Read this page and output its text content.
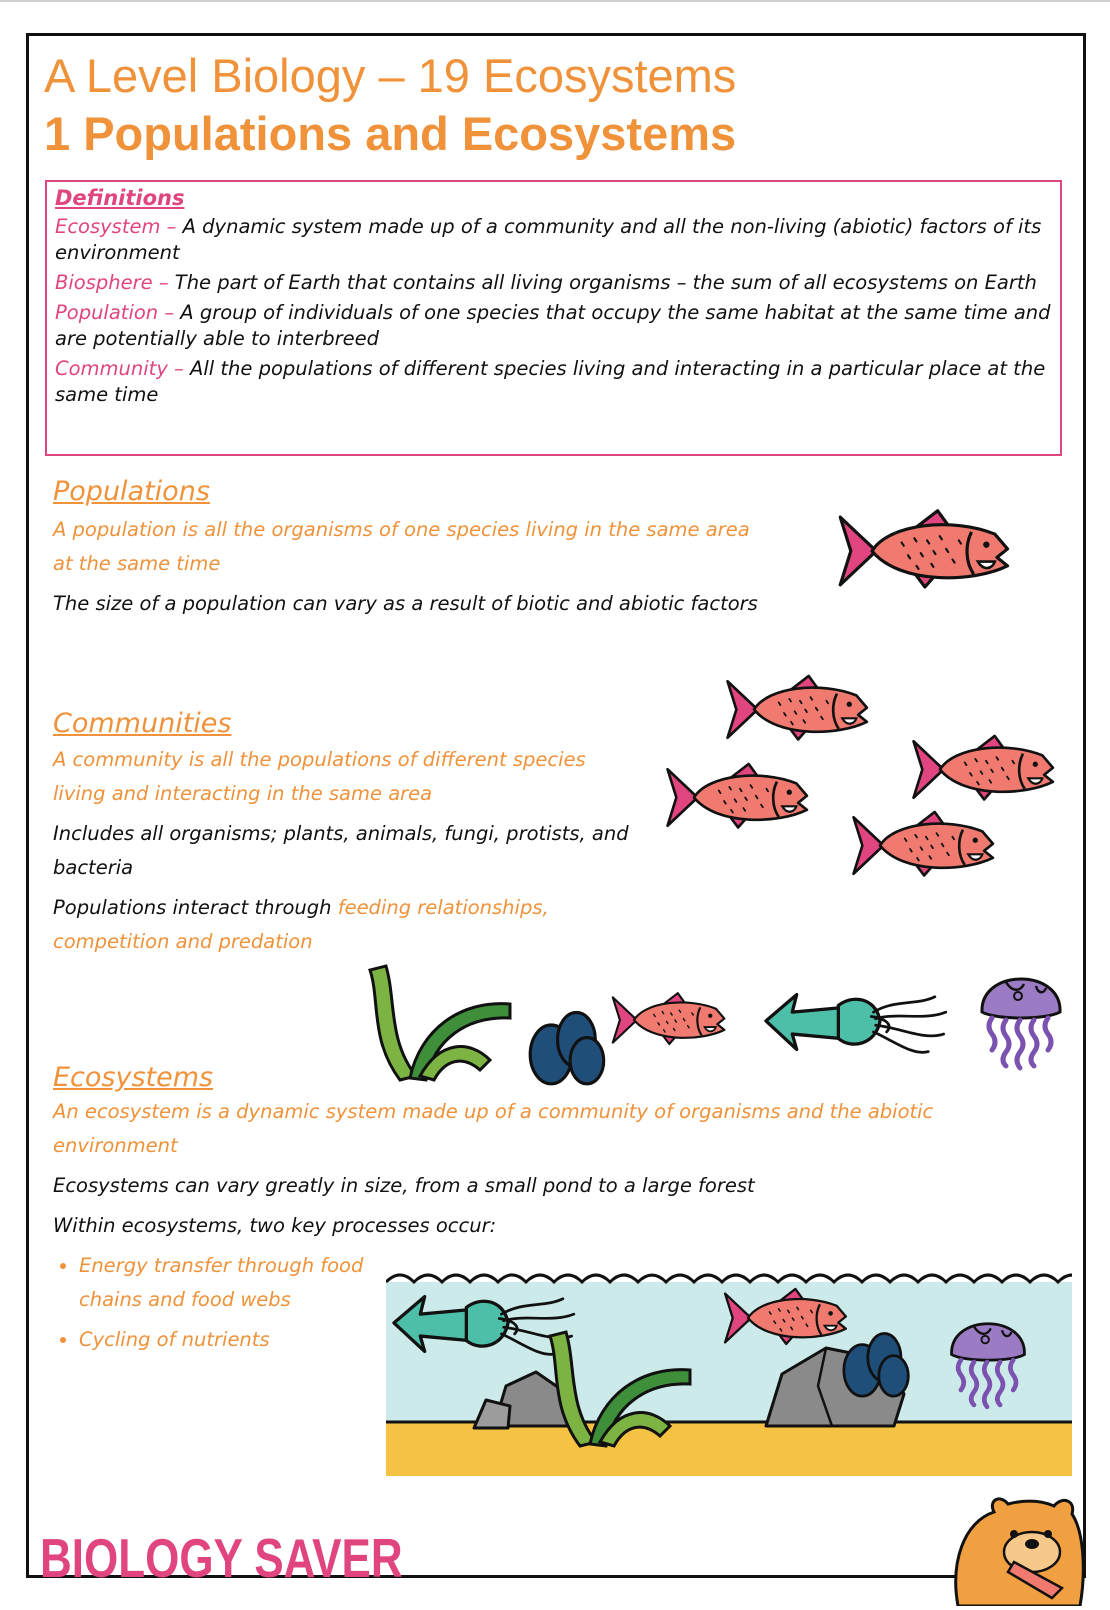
A Level Biology – 19 Ecosystems
1 Populations and Ecosystems

Definitions

Ecosystem – A dynamic system made up of a community and all the non-living (abiotic) factors of its environment

Biosphere – The part of Earth that contains all living organisms – the sum of all ecosystems on Earth

Population – A group of individuals of one species that occupy the same habitat at the same time and are potentially able to interbreed

Community – All the populations of different species living and interacting in a particular place at the same time

Populations

A population is all the organisms of one species living in the same area at the same time

The size of a population can vary as a result of biotic and abiotic factors

Communities

A community is all the populations of different species living and interacting in the same area

Includes all organisms; plants, animals, fungi, protists, and bacteria

Populations interact through feeding relationships, competition and predation

Ecosystems

An ecosystem is a dynamic system made up of a community of organisms and the abiotic environment

Ecosystems can vary greatly in size, from a small pond to a large forest

Within ecosystems, two key processes occur:

• Energy transfer through food chains and food webs
• Cycling of nutrients
BIOLOGY SAVER
